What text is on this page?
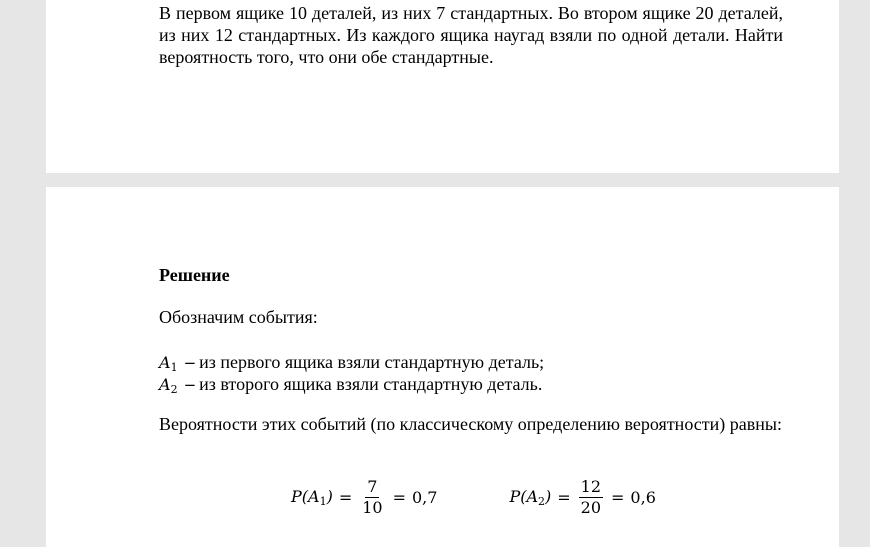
В первом ящике 10 деталей, из них 7 стандартных. Во втором ящике 20 деталей, из них 12 стандартных. Из каждого ящика наугад взяли по одной детали. Найти вероятность того, что они обе стандартные.
Решение
Обозначим события:
$A_1$ − из первого ящика взяли стандартную деталь;
$A_2$ − из второго ящика взяли стандартную деталь.
Вероятности этих событий (по классическому определению вероятности) равны:
$P(A_1) = \frac{7}{10} = 0,7$	$P(A_2) = \frac{12}{20} = 0,6$
